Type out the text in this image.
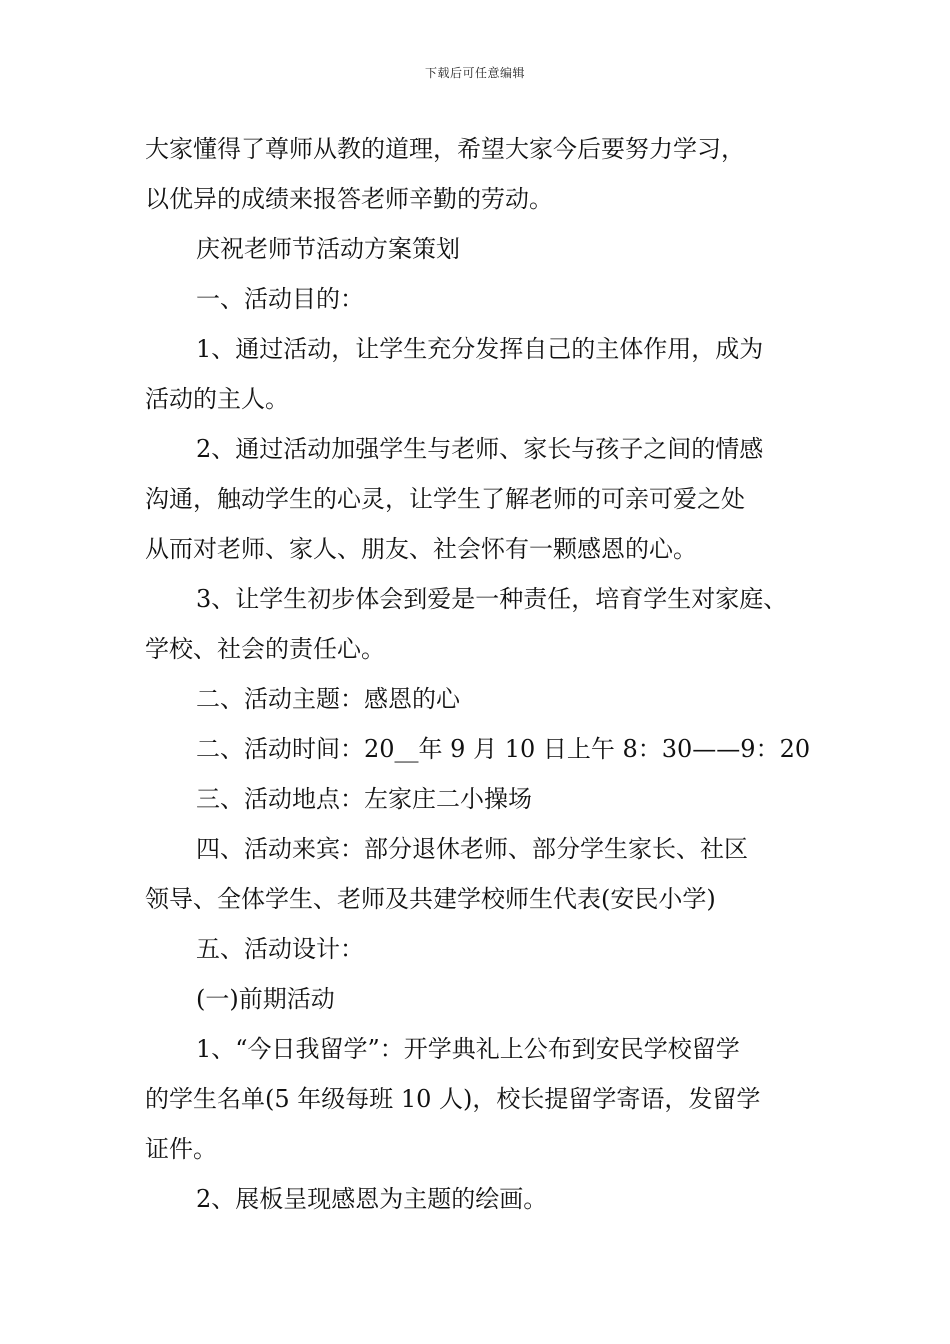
下载后可任意编辑
大家懂得了尊师从教的道理，希望大家今后要努力学习，
以优异的成绩来报答老师辛勤的劳动。
庆祝老师节活动方案策划
一、活动目的：
1、通过活动，让学生充分发挥自己的主体作用，成为
活动的主人。
2、通过活动加强学生与老师、家长与孩子之间的情感
沟通，触动学生的心灵，让学生了解老师的可亲可爱之处
从而对老师、家人、朋友、社会怀有一颗感恩的心。
3、让学生初步体会到爱是一种责任，培育学生对家庭、
学校、社会的责任心。
二、活动主题：感恩的心
二、活动时间：20__年 9 月 10 日上午 8：30——9：20
三、活动地点：左家庄二小操场
四、活动来宾：部分退休老师、部分学生家长、社区
领导、全体学生、老师及共建学校师生代表(安民小学)
五、活动设计：
(一)前期活动
1、“今日我留学”：开学典礼上公布到安民学校留学
的学生名单(5 年级每班 10 人)，校长提留学寄语，发留学
证件。
2、展板呈现感恩为主题的绘画。
